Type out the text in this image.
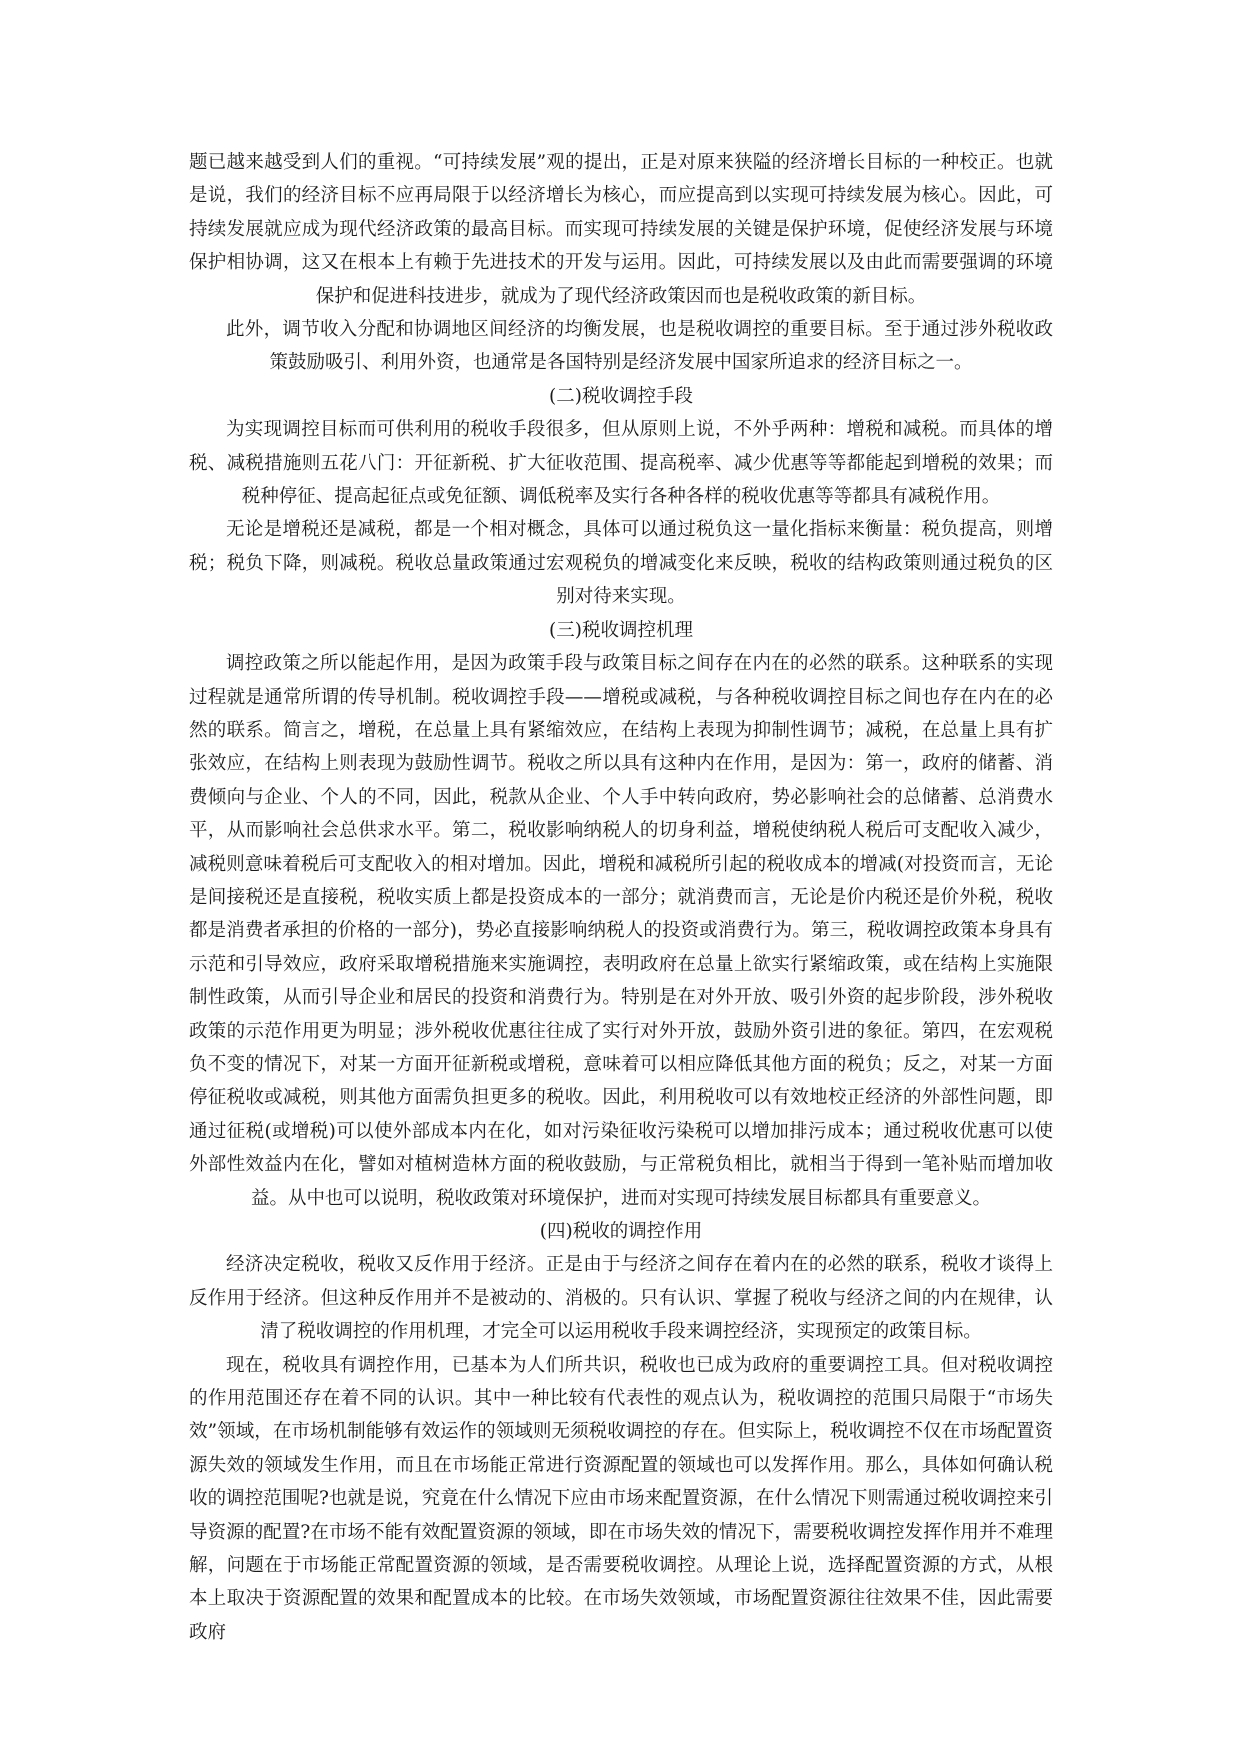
题已越来越受到人们的重视。“可持续发展”观的提出，正是对原来狭隘的经济增长目标的一种校正。也就是说，我们的经济目标不应再局限于以经济增长为核心，而应提高到以实现可持续发展为核心。因此，可持续发展就应成为现代经济政策的最高目标。而实现可持续发展的关键是保护环境，促使经济发展与环境保护相协调，这又在根本上有赖于先进技术的开发与运用。因此，可持续发展以及由此而需要强调的环境保护和促进科技进步，就成为了现代经济政策因而也是税收政策的新目标。

此外，调节收入分配和协调地区间经济的均衡发展，也是税收调控的重要目标。至于通过涉外税收政策鼓励吸引、利用外资，也通常是各国特别是经济发展中国家所追求的经济目标之一。

(二)税收调控手段

为实现调控目标而可供利用的税收手段很多，但从原则上说，不外乎两种：增税和减税。而具体的增税、减税措施则五花八门：开征新税、扩大征收范围、提高税率、减少优惠等等都能起到增税的效果；而税种停征、提高起征点或免征额、调低税率及实行各种各样的税收优惠等等都具有减税作用。

无论是增税还是减税，都是一个相对概念，具体可以通过税负这一量化指标来衡量：税负提高，则增税；税负下降，则减税。税收总量政策通过宏观税负的增减变化来反映，税收的结构政策则通过税负的区别对待来实现。

(三)税收调控机理

调控政策之所以能起作用，是因为政策手段与政策目标之间存在内在的必然的联系。这种联系的实现过程就是通常所谓的传导机制。税收调控手段——增税或减税，与各种税收调控目标之间也存在内在的必然的联系。简言之，增税，在总量上具有紧缩效应，在结构上表现为抑制性调节；减税，在总量上具有扩张效应，在结构上则表现为鼓励性调节。税收之所以具有这种内在作用，是因为：第一，政府的储蓄、消费倾向与企业、个人的不同，因此，税款从企业、个人手中转向政府，势必影响社会的总储蓄、总消费水平，从而影响社会总供求水平。第二，税收影响纳税人的切身利益，增税使纳税人税后可支配收入减少，减税则意味着税后可支配收入的相对增加。因此，增税和减税所引起的税收成本的增减(对投资而言，无论是间接税还是直接税，税收实质上都是投资成本的一部分；就消费而言，无论是价内税还是价外税，税收都是消费者承担的价格的一部分)，势必直接影响纳税人的投资或消费行为。第三，税收调控政策本身具有示范和引导效应，政府采取增税措施来实施调控，表明政府在总量上欲实行紧缩政策，或在结构上实施限制性政策，从而引导企业和居民的投资和消费行为。特别是在对外开放、吸引外资的起步阶段，涉外税收政策的示范作用更为明显；涉外税收优惠往往成了实行对外开放，鼓励外资引进的象征。第四，在宏观税负不变的情况下，对某一方面开征新税或增税，意味着可以相应降低其他方面的税负；反之，对某一方面停征税收或减税，则其他方面需负担更多的税收。因此，利用税收可以有效地校正经济的外部性问题，即通过征税(或增税)可以使外部成本内在化，如对污染征收污染税可以增加排污成本；通过税收优惠可以使外部性效益内在化，譬如对植树造林方面的税收鼓励，与正常税负相比，就相当于得到一笔补贴而增加收益。从中也可以说明，税收政策对环境保护，进而对实现可持续发展目标都具有重要意义。

(四)税收的调控作用

经济决定税收，税收又反作用于经济。正是由于与经济之间存在着内在的必然的联系，税收才谈得上反作用于经济。但这种反作用并不是被动的、消极的。只有认识、掌握了税收与经济之间的内在规律，认清了税收调控的作用机理，才完全可以运用税收手段来调控经济，实现预定的政策目标。

现在，税收具有调控作用，已基本为人们所共识，税收也已成为政府的重要调控工具。但对税收调控的作用范围还存在着不同的认识。其中一种比较有代表性的观点认为，税收调控的范围只局限于“市场失效”领域，在市场机制能够有效运作的领域则无须税收调控的存在。但实际上，税收调控不仅在市场配置资源失效的领域发生作用，而且在市场能正常进行资源配置的领域也可以发挥作用。那么，具体如何确认税收的调控范围呢?也就是说，究竟在什么情况下应由市场来配置资源，在什么情况下则需通过税收调控来引导资源的配置?在市场不能有效配置资源的领域，即在市场失效的情况下，需要税收调控发挥作用并不难理解，问题在于市场能正常配置资源的领域，是否需要税收调控。从理论上说，选择配置资源的方式，从根本上取决于资源配置的效果和配置成本的比较。在市场失效领域，市场配置资源往往效果不佳，因此需要政府
